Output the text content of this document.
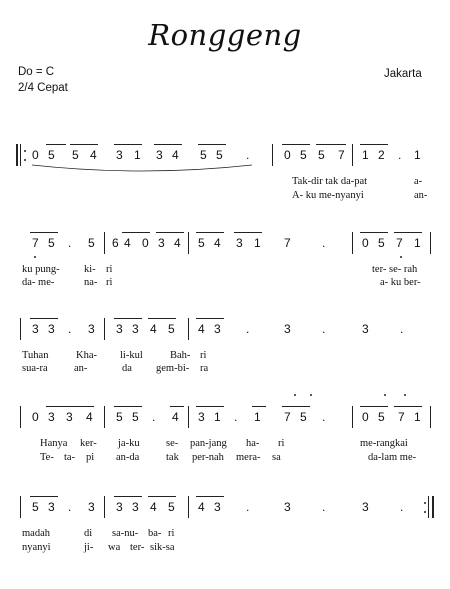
Ronggeng
Do = C
2/4 Cepat
Jakarta
0 5 5 4 3 1 3 4 5 5 .	0 5 5 7 1 2 . 1
Tak-dir tak da-pat	a-
A- ku me-nyanyi	an-
7 5 . 5 6 4 0 3 4 5 4 3 1 7	.	0 5 7 1
ku pung- ki- ri	ter- se- rah
da- me-	na- ri	a- ku ber-
3 3 . 3 3 3 4 5 4 3 .	3	.	3	.
Tuhan	Kha- li-kul	Bah- ri
sua-ra	an-	da gem-bi- ra
0 3 3 4 5 5 . 4 3 1 . 1 7 5 .	0 5 7 1
Hanya ker- ja-ku	se- pan-jang ha- ri	me-rangkai
Te- ta- pi an-da	tak per-nah mera- sa	da-lam me-
5 3 . 3 3 3 4 5 4 3 .	3	.	3	.
madah	di sa-nu- ba- ri
nyanyi	ji- wa ter- sik-sa
